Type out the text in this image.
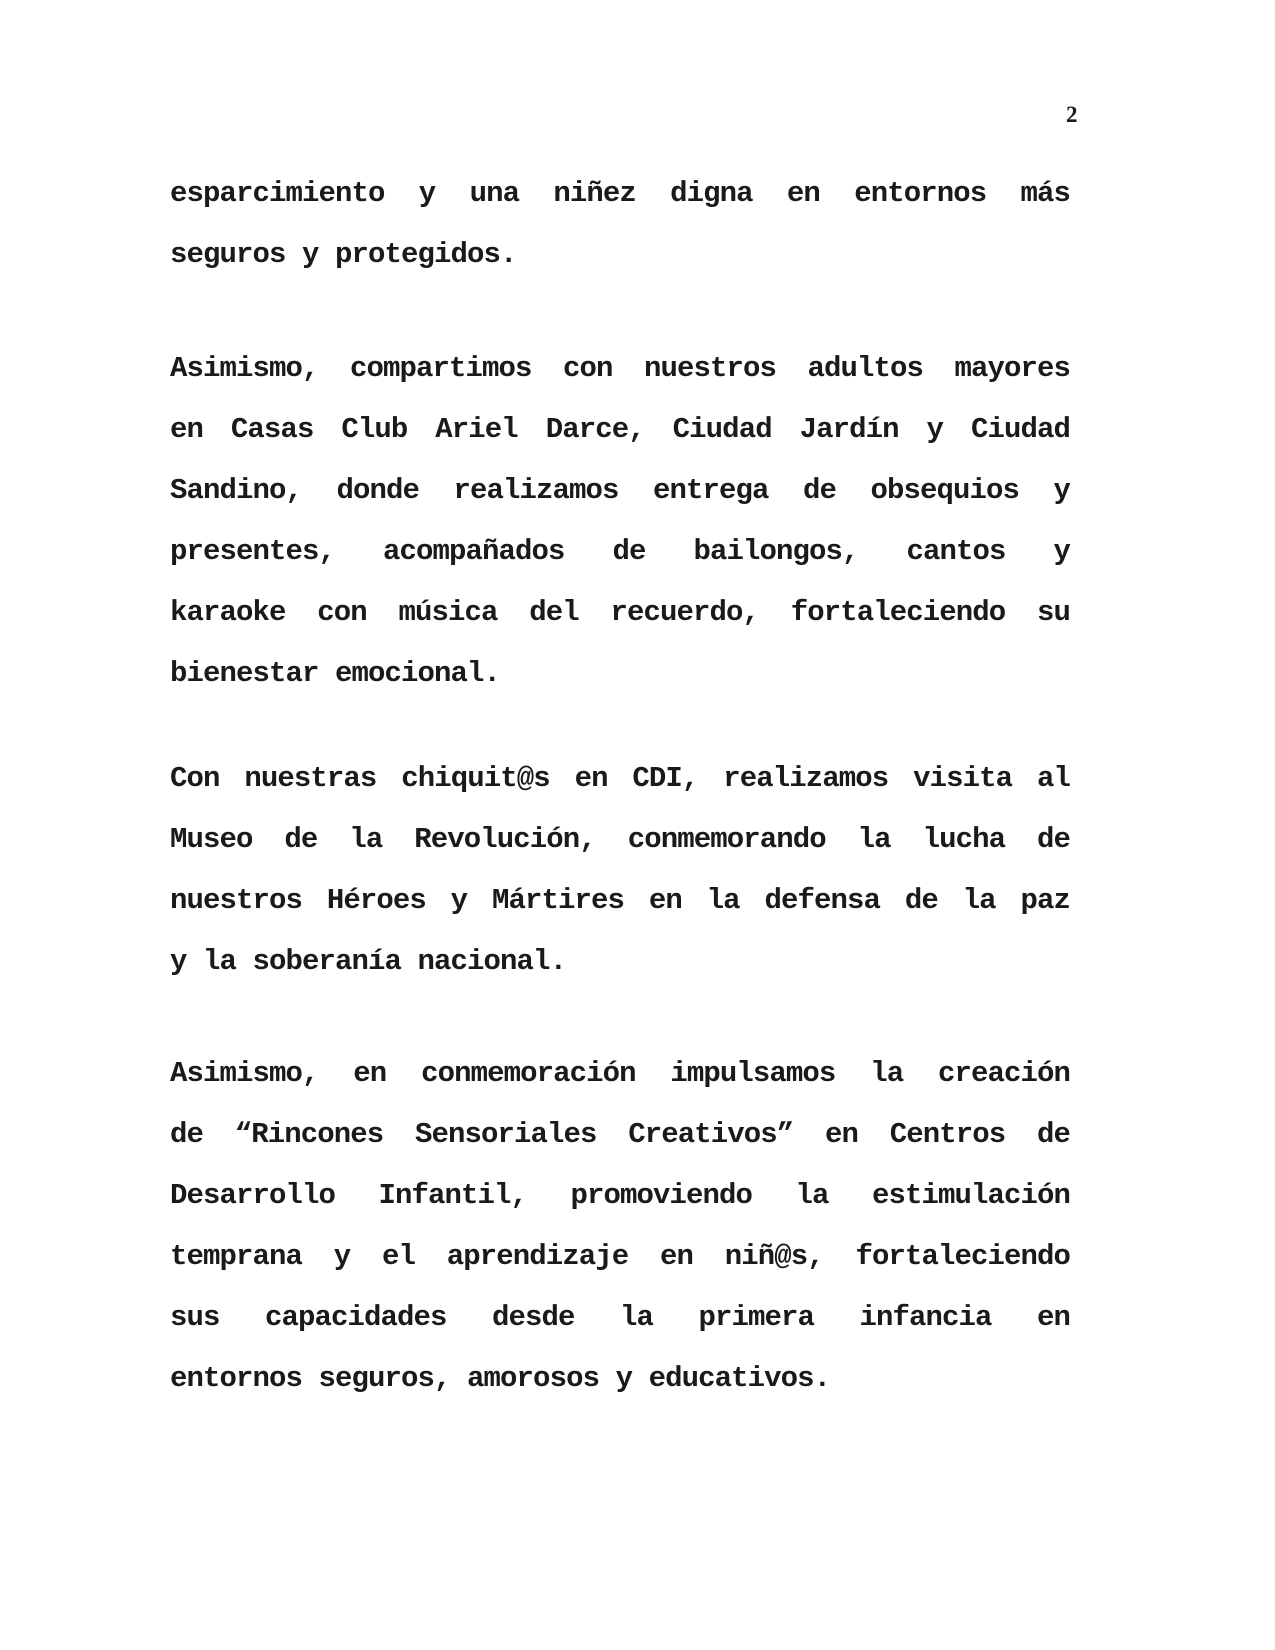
2

esparcimiento y una niñez digna en entornos más
seguros y protegidos.

Asimismo, compartimos con nuestros adultos mayores
en Casas Club Ariel Darce, Ciudad Jardín y Ciudad
Sandino, donde realizamos entrega de obsequios y
presentes, acompañados de bailongos, cantos y
karaoke con música del recuerdo, fortaleciendo su
bienestar emocional.

Con nuestras chiquit@s en CDI, realizamos visita al
Museo de la Revolución, conmemorando la lucha de
nuestros Héroes y Mártires en la defensa de la paz
y la soberanía nacional.

Asimismo, en conmemoración impulsamos la creación
de “Rincones Sensoriales Creativos” en Centros de
Desarrollo Infantil, promoviendo la estimulación
temprana y el aprendizaje en niñ@s, fortaleciendo
sus capacidades desde la primera infancia en
entornos seguros, amorosos y educativos.
